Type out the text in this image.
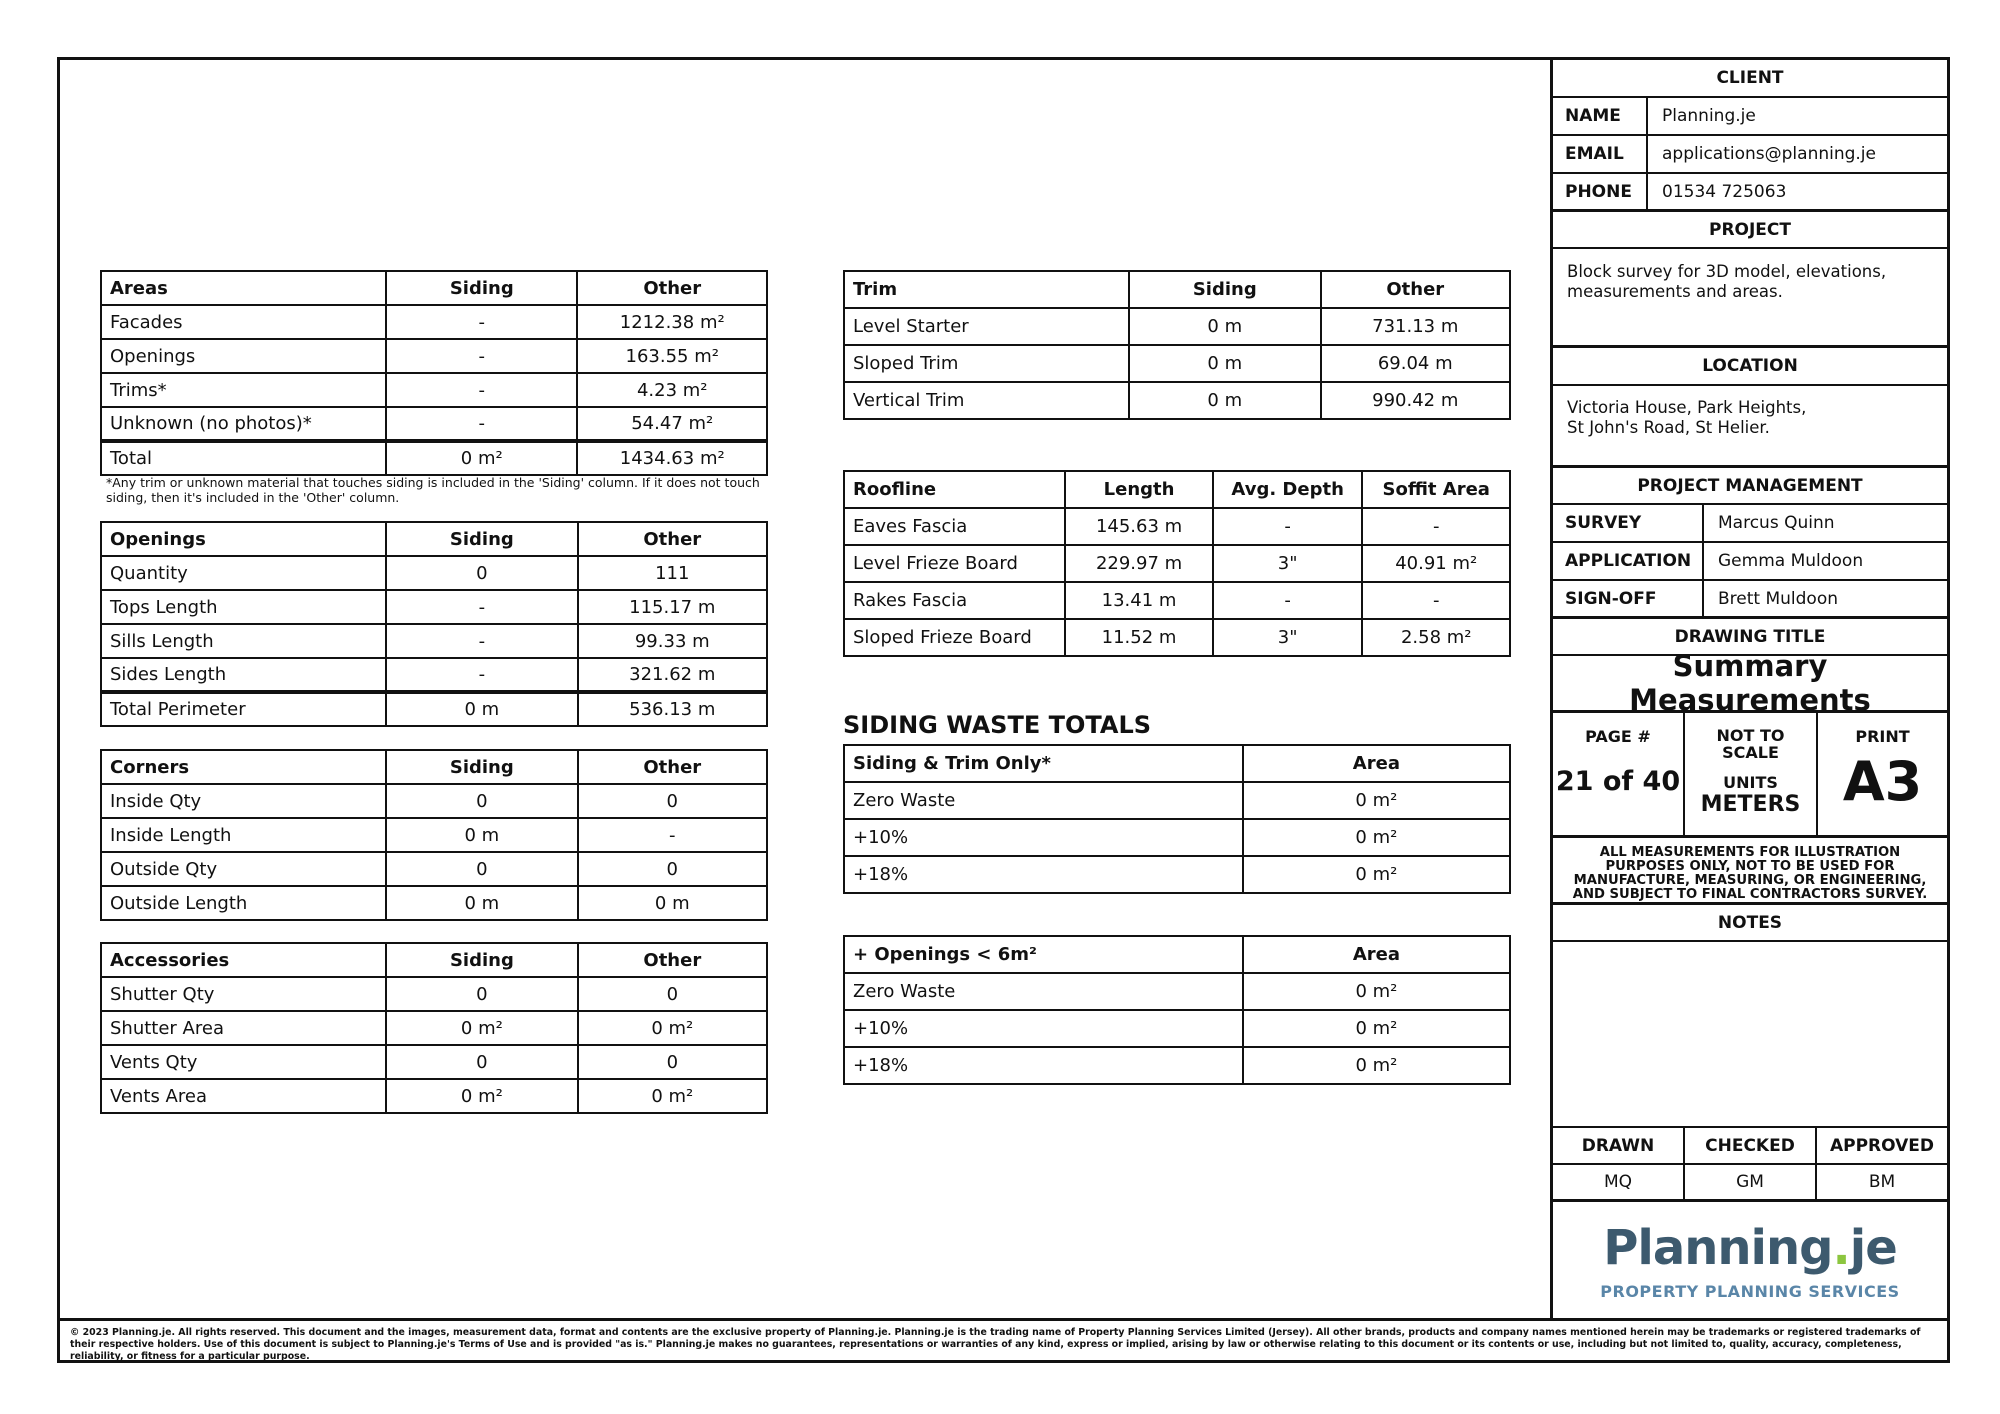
Areas	Siding	Other
Facades	-	1212.38 m²
Openings	-	163.55 m²
Trims*	-	4.23 m²
Unknown (no photos)*	-	54.47 m²
Total	0 m²	1434.63 m²
*Any trim or unknown material that touches siding is included in the 'Siding' column. If it does not touch siding, then it's included in the 'Other' column.
Openings	Siding	Other
Quantity	0	111
Tops Length	-	115.17 m
Sills Length	-	99.33 m
Sides Length	-	321.62 m
Total Perimeter	0 m	536.13 m
Corners	Siding	Other
Inside Qty	0	0
Inside Length	0 m	-
Outside Qty	0	0
Outside Length	0 m	0 m
Accessories	Siding	Other
Shutter Qty	0	0
Shutter Area	0 m²	0 m²
Vents Qty	0	0
Vents Area	0 m²	0 m²
Trim	Siding	Other
Level Starter	0 m	731.13 m
Sloped Trim	0 m	69.04 m
Vertical Trim	0 m	990.42 m
Roofline	Length	Avg. Depth	Soffit Area
Eaves Fascia	145.63 m	-	-
Level Frieze Board	229.97 m	3"	40.91 m²
Rakes Fascia	13.41 m	-	-
Sloped Frieze Board	11.52 m	3"	2.58 m²
SIDING WASTE TOTALS
Siding & Trim Only*	Area
Zero Waste	0 m²
+10%	0 m²
+18%	0 m²
+ Openings < 6m²	Area
Zero Waste	0 m²
+10%	0 m²
+18%	0 m²
CLIENT
NAME	Planning.je
EMAIL	applications@planning.je
PHONE	01534 725063
PROJECT
Block survey for 3D model, elevations, measurements and areas.
LOCATION
Victoria House, Park Heights,
St John's Road, St Helier.
PROJECT MANAGEMENT
SURVEY	Marcus Quinn
APPLICATION	Gemma Muldoon
SIGN-OFF	Brett Muldoon
DRAWING TITLE
Summary Measurements
PAGE #
21 of 40
NOT TO
SCALE
UNITS
METERS
PRINT
A3
ALL MEASUREMENTS FOR ILLUSTRATION PURPOSES ONLY, NOT TO BE USED FOR MANUFACTURE, MEASURING, OR ENGINEERING, AND SUBJECT TO FINAL CONTRACTORS SURVEY.
NOTES
DRAWN	CHECKED	APPROVED
MQ	GM	BM
Planning.je
PROPERTY PLANNING SERVICES
© 2023 Planning.je. All rights reserved. This document and the images, measurement data, format and contents are the exclusive property of Planning.je. Planning.je is the trading name of Property Planning Services Limited (Jersey). All other brands, products and company names mentioned herein may be trademarks or registered trademarks of their respective holders. Use of this document is subject to Planning.je's Terms of Use and is provided "as is." Planning.je makes no guarantees, representations or warranties of any kind, express or implied, arising by law or otherwise relating to this document or its contents or use, including but not limited to, quality, accuracy, completeness, reliability, or fitness for a particular purpose.
